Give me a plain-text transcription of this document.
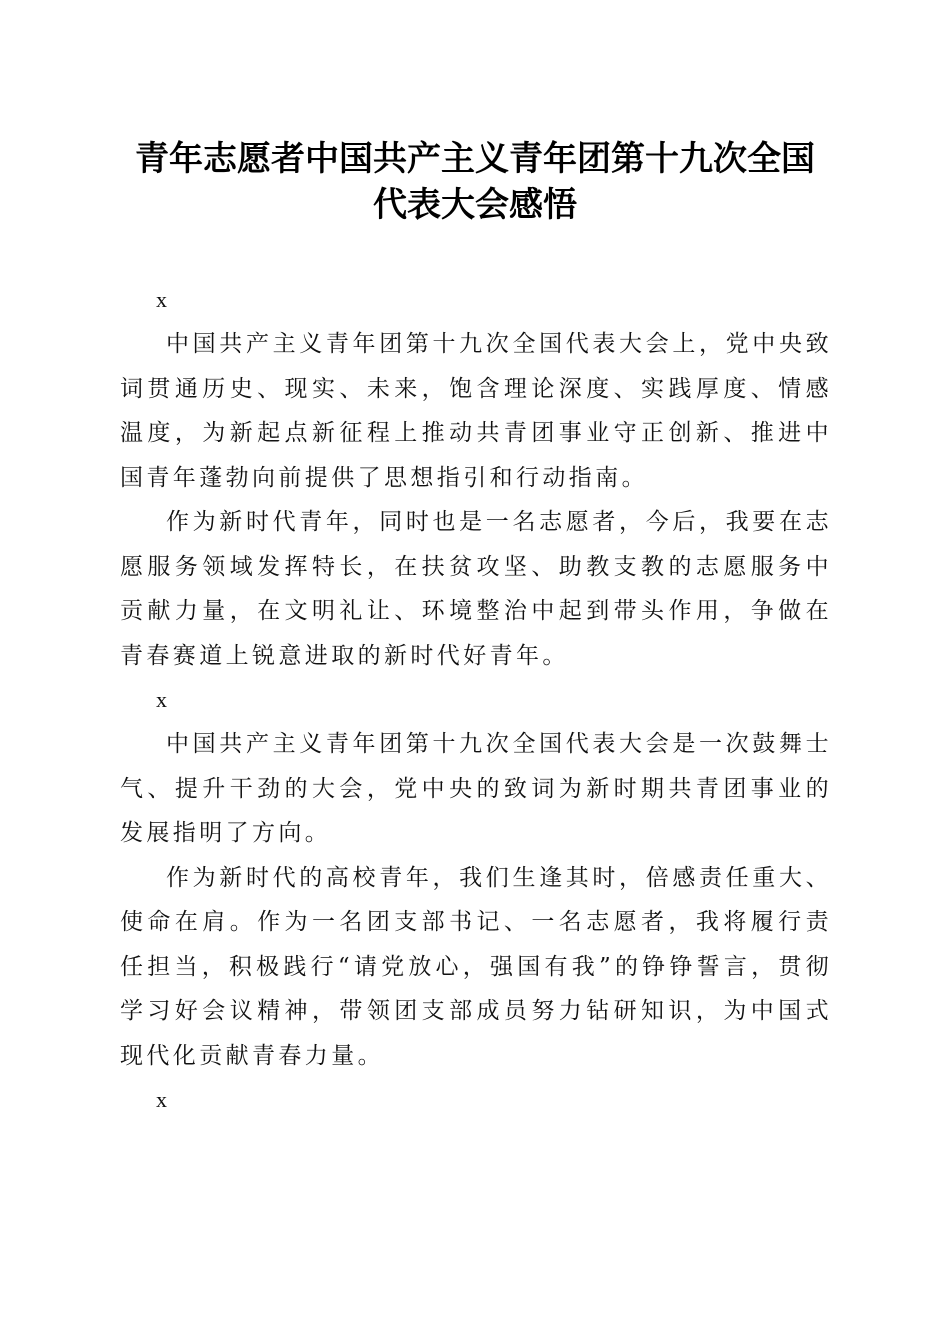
青年志愿者中国共产主义青年团第十九次全国
代表大会感悟
x

中国共产主义青年团第十九次全国代表大会上，党中央致词贯通历史、现实、未来，饱含理论深度、实践厚度、情感温度，为新起点新征程上推动共青团事业守正创新、推进中国青年蓬勃向前提供了思想指引和行动指南。

作为新时代青年，同时也是一名志愿者，今后，我要在志愿服务领域发挥特长，在扶贫攻坚、助教支教的志愿服务中贡献力量，在文明礼让、环境整治中起到带头作用，争做在青春赛道上锐意进取的新时代好青年。

x

中国共产主义青年团第十九次全国代表大会是一次鼓舞士气、提升干劲的大会，党中央的致词为新时期共青团事业的发展指明了方向。

作为新时代的高校青年，我们生逢其时，倍感责任重大、使命在肩。作为一名团支部书记、一名志愿者，我将履行责任担当，积极践行“请党放心，强国有我”的铮铮誓言，贯彻学习好会议精神，带领团支部成员努力钻研知识，为中国式现代化贡献青春力量。

x
